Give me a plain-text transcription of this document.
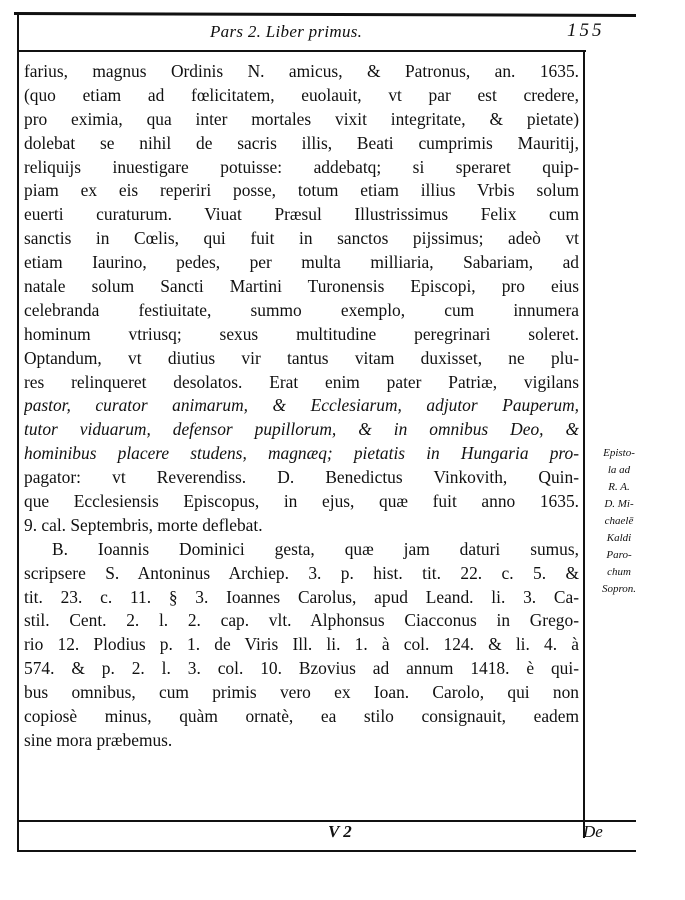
Pars 2. Liber primus.	155
farius, magnus Ordinis N. amicus, & Patronus, an. 1635.
(quo etiam ad fœlicitatem, euolauit, vt par est credere,
pro eximia, qua inter mortales vixit integritate, & pietate)
dolebat se nihil de sacris illis, Beati cumprimis Mauritij,
reliquijs inuestigare potuisse: addebatq; si speraret quip-
piam ex eis reperiri posse, totum etiam illius Vrbis solum
euerti curaturum. Viuat Præsul Illustrissimus Felix cum
sanctis in Cœlis, qui fuit in sanctos pijssimus; adeò vt
etiam Iaurino, pedes, per multa milliaria, Sabariam, ad
natale solum Sancti Martini Turonensis Episcopi, pro eius
celebranda festiuitate, summo exemplo, cum innumera
hominum vtriusq; sexus multitudine peregrinari soleret.
Optandum, vt diutius vir tantus vitam duxisset, ne plu-
res relinqueret desolatos. Erat enim pater Patriæ, vigilans
pastor, curator animarum, & Ecclesiarum, adjutor Pauperum,
tutor viduarum, defensor pupillorum, & in omnibus Deo, &
hominibus placere studens, magnæq; pietatis in Hungaria pro-
pagator: vt Reverendiss. D. Benedictus Vinkovith, Quin-
que Ecclesiensis Episcopus, in ejus, quæ fuit anno 1635.
9. cal. Septembris, morte deflebat.
B. Ioannis Dominici gesta, quæ jam daturi sumus,
scripsere S. Antoninus Archiep. 3. p. hist. tit. 22. c. 5. &
tit. 23. c. 11. § 3. Ioannes Carolus, apud Leand. li. 3. Ca-
stil. Cent. 2. l. 2. cap. vlt. Alphonsus Ciacconus in Grego-
rio 12. Plodius p. 1. de Viris Ill. li. 1. à col. 124. & li. 4. à
574. & p. 2. l. 3. col. 10. Bzovius ad annum 1418. è qui-
bus omnibus, cum primis vero ex Ioan. Carolo, qui non
copiosè minus, quàm ornatè, ea stilo consignauit, eadem
sine mora præbemus.
Episto-
la ad
R. A.
D. Mi-
chaelē
Kaldi
Paro-
chum
Sopron.
V 2	De
